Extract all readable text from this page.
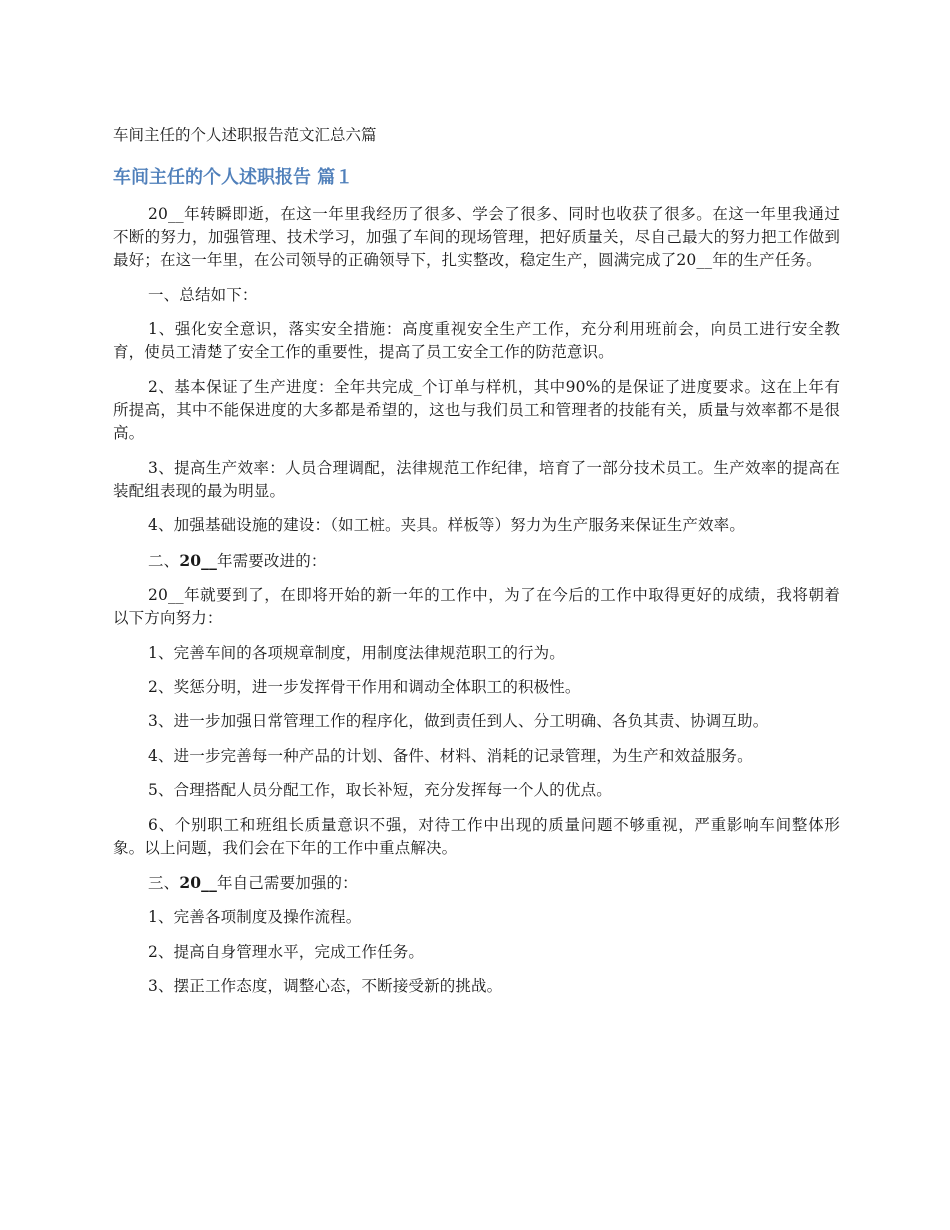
车间主任的个人述职报告范文汇总六篇
车间主任的个人述职报告 篇１

20__年转瞬即逝，在这一年里我经历了很多、学会了很多、同时也收获了很多。在这一年里我通过不断的努力，加强管理、技术学习，加强了车间的现场管理，把好质量关，尽自己最大的努力把工作做到最好；在这一年里，在公司领导的正确领导下，扎实整改，稳定生产，圆满完成了20__年的生产任务。

一、总结如下：

1、强化安全意识，落实安全措施：高度重视安全生产工作，充分利用班前会，向员工进行安全教育，使员工清楚了安全工作的重要性，提高了员工安全工作的防范意识。

2、基本保证了生产进度：全年共完成_个订单与样机，其中90%的是保证了进度要求。这在上年有所提高，其中不能保进度的大多都是希望的，这也与我们员工和管理者的技能有关，质量与效率都不是很高。

3、提高生产效率：人员合理调配，法律规范工作纪律，培育了一部分技术员工。生产效率的提高在装配组表现的最为明显。

4、加强基础设施的建设：（如工桩。夹具。样板等）努力为生产服务来保证生产效率。

二、20__年需要改进的：

20__年就要到了，在即将开始的新一年的工作中，为了在今后的工作中取得更好的成绩，我将朝着以下方向努力：

1、完善车间的各项规章制度，用制度法律规范职工的行为。

2、奖惩分明，进一步发挥骨干作用和调动全体职工的积极性。

3、进一步加强日常管理工作的程序化，做到责任到人、分工明确、各负其责、协调互助。

4、进一步完善每一种产品的计划、备件、材料、消耗的记录管理，为生产和效益服务。

5、合理搭配人员分配工作，取长补短，充分发挥每一个人的优点。

6、个别职工和班组长质量意识不强，对待工作中出现的质量问题不够重视，严重影响车间整体形象。以上问题，我们会在下年的工作中重点解决。

三、20__年自己需要加强的：

1、完善各项制度及操作流程。

2、提高自身管理水平，完成工作任务。

3、摆正工作态度，调整心态，不断接受新的挑战。
